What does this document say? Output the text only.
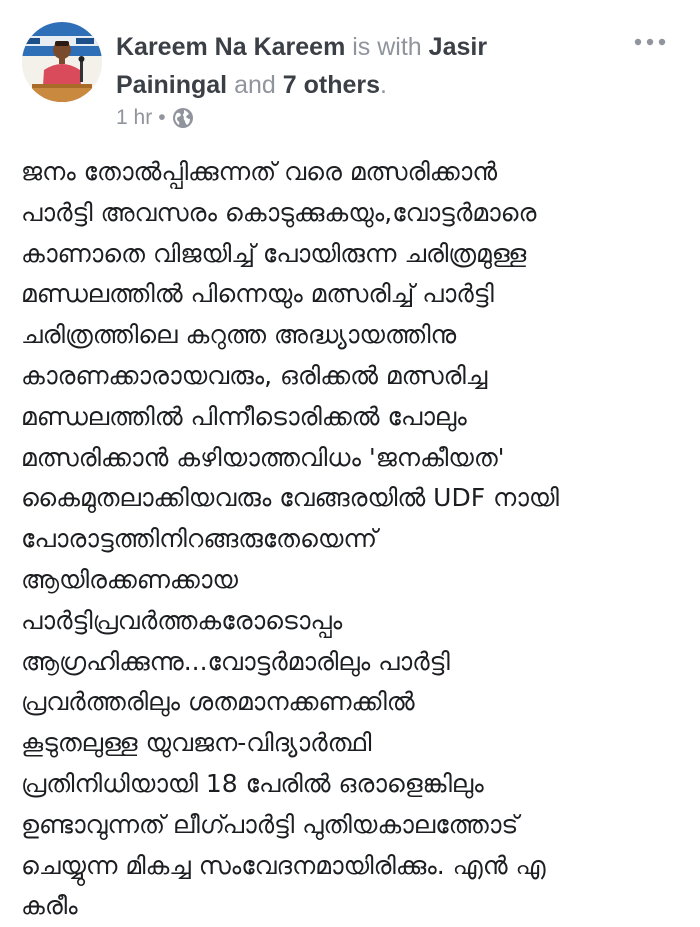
Kareem Na Kareem is with Jasir Painingal and 7 others.
1 hr •
ജനം തോൽപ്പിക്കുന്നത് വരെ മത്സരിക്കാൻ
പാർട്ടി അവസരം കൊടുക്കുകയും,വോട്ടർമാരെ
കാണാതെ വിജയിച്ച് പോയിരുന്ന ചരിത്രമുള്ള
മണ്ഡലത്തിൽ പിന്നെയും മത്സരിച്ച് പാർട്ടി
ചരിത്രത്തിലെ കറുത്ത അദ്ധ്യായത്തിനു
കാരണക്കാരായവരും, ഒരിക്കൽ മത്സരിച്ച
മണ്ഡലത്തിൽ പിന്നീടൊരിക്കൽ പോലും
മത്സരിക്കാൻ കഴിയാത്തവിധം 'ജനകീയത'
കൈമുതലാക്കിയവരും വേങ്ങരയിൽ UDF നായി
പോരാട്ടത്തിനിറങ്ങരുതേയെന്ന്
ആയിരക്കണക്കായ
പാർട്ടിപ്രവർത്തകരോടൊപ്പം
ആഗ്രഹിക്കുന്നു...വോട്ടർമാരിലും പാർട്ടി
പ്രവർത്തരിലും ശതമാനക്കണക്കിൽ
കൂടുതലുള്ള യുവജന-വിദ്യാർത്ഥി
പ്രതിനിധിയായി 18 പേരിൽ ഒരാളെങ്കിലും
ഉണ്ടാവുന്നത് ലീഗ്പാർട്ടി പുതിയകാലത്തോട്
ചെയ്യുന്ന മികച്ച സംവേദനമായിരിക്കും. എൻ എ
കരീം
